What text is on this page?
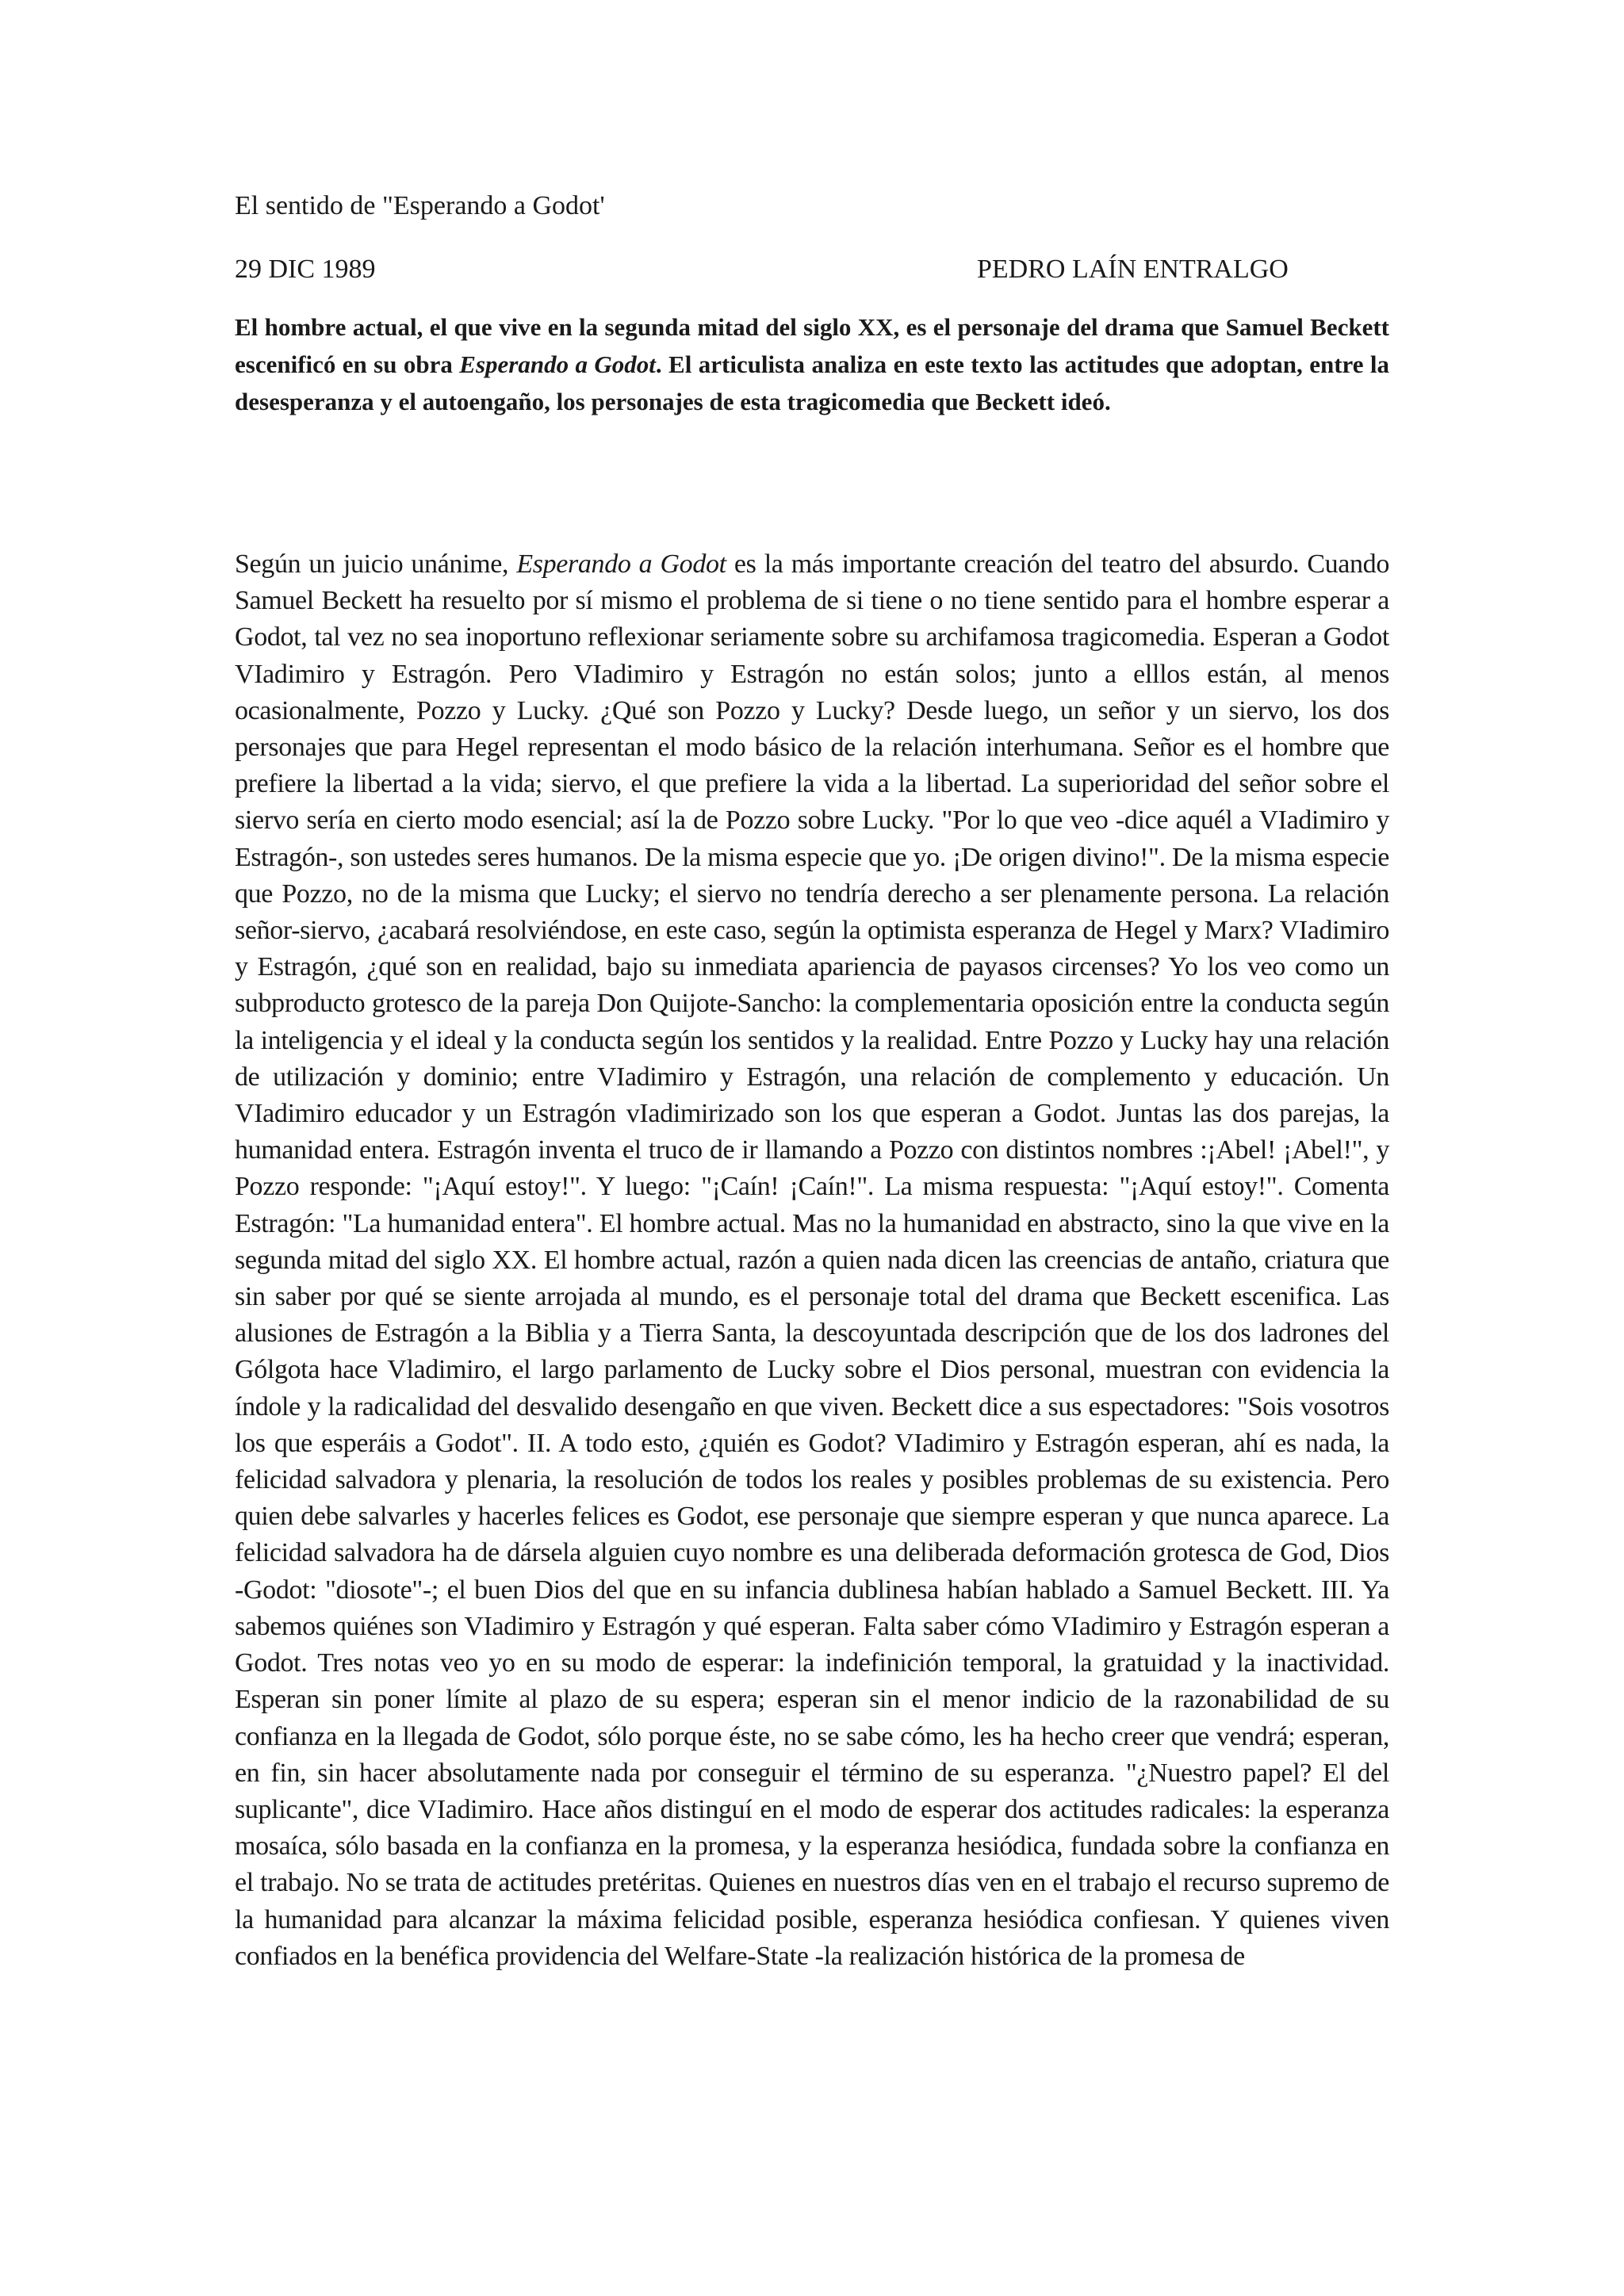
El sentido de "Esperando a Godot'
29 DIC 1989	PEDRO LAÍN ENTRALGO

El hombre actual, el que vive en la segunda mitad del siglo XX, es el personaje del drama que Samuel Beckett escenificó en su obra Esperando a Godot. El articulista analiza en este texto las actitudes que adoptan, entre la desesperanza y el autoengaño, los personajes de esta tragicomedia que Beckett ideó.

Según un juicio unánime, Esperando a Godot es la más importante creación del teatro del absurdo. Cuando Samuel Beckett ha resuelto por sí mismo el problema de si tiene o no tiene sentido para el hombre esperar a Godot, tal vez no sea inoportuno reflexionar seriamente sobre su archifamosa tragicomedia. Esperan a Godot VIadimiro y Estragón. Pero VIadimiro y Estragón no están solos; junto a elllos están, al menos ocasionalmente, Pozzo y Lucky. ¿Qué son Pozzo y Lucky? Desde luego, un señor y un siervo, los dos personajes que para Hegel representan el modo básico de la relación interhumana. Señor es el hombre que prefiere la libertad a la vida; siervo, el que prefiere la vida a la libertad. La superioridad del señor sobre el siervo sería en cierto modo esencial; así la de Pozzo sobre Lucky. "Por lo que veo -dice aquél a VIadimiro y Estragón-, son ustedes seres humanos. De la misma especie que yo. ¡De origen divino!". De la misma especie que Pozzo, no de la misma que Lucky; el siervo no tendría derecho a ser plenamente persona. La relación señor-siervo, ¿acabará resolviéndose, en este caso, según la optimista esperanza de Hegel y Marx? VIadimiro y Estragón, ¿qué son en realidad, bajo su inmediata apariencia de payasos circenses? Yo los veo como un subproducto grotesco de la pareja Don Quijote-Sancho: la complementaria oposición entre la conducta según la inteligencia y el ideal y la conducta según los sentidos y la realidad. Entre Pozzo y Lucky hay una relación de utilización y dominio; entre VIadimiro y Estragón, una relación de complemento y educación. Un VIadimiro educador y un Estragón vIadimirizado son los que esperan a Godot. Juntas las dos parejas, la humanidad entera. Estragón inventa el truco de ir llamando a Pozzo con distintos nombres :¡Abel! ¡Abel!", y Pozzo responde: "¡Aquí estoy!". Y luego: "¡Caín! ¡Caín!". La misma respuesta: "¡Aquí estoy!". Comenta Estragón: "La humanidad entera". El hombre actual. Mas no la humanidad en abstracto, sino la que vive en la segunda mitad del siglo XX. El hombre actual, razón a quien nada dicen las creencias de antaño, criatura que sin saber por qué se siente arrojada al mundo, es el personaje total del drama que Beckett escenifica. Las alusiones de Estragón a la Biblia y a Tierra Santa, la descoyuntada descripción que de los dos ladrones del Gólgota hace Vladimiro, el largo parlamento de Lucky sobre el Dios personal, muestran con evidencia la índole y la radicalidad del desvalido desengaño en que viven. Beckett dice a sus espectadores: "Sois vosotros los que esperáis a Godot". II. A todo esto, ¿quién es Godot? VIadimiro y Estragón esperan, ahí es nada, la felicidad salvadora y plenaria, la resolución de todos los reales y posibles problemas de su existencia. Pero quien debe salvarles y hacerles felices es Godot, ese personaje que siempre esperan y que nunca aparece. La felicidad salvadora ha de dársela alguien cuyo nombre es una deliberada deformación grotesca de God, Dios -Godot: "diosote"-; el buen Dios del que en su infancia dublinesa habían hablado a Samuel Beckett. III. Ya sabemos quiénes son VIadimiro y Estragón y qué esperan. Falta saber cómo VIadimiro y Estragón esperan a Godot. Tres notas veo yo en su modo de esperar: la indefinición temporal, la gratuidad y la inactividad. Esperan sin poner límite al plazo de su espera; esperan sin el menor indicio de la razonabilidad de su confianza en la llegada de Godot, sólo porque éste, no se sabe cómo, les ha hecho creer que vendrá; esperan, en fin, sin hacer absolutamente nada por conseguir el término de su esperanza. "¿Nuestro papel? El del suplicante", dice VIadimiro. Hace años distinguí en el modo de esperar dos actitudes radicales: la esperanza mosaíca, sólo basada en la confianza en la promesa, y la esperanza hesiódica, fundada sobre la confianza en el trabajo. No se trata de actitudes pretéritas. Quienes en nuestros días ven en el trabajo el recurso supremo de la humanidad para alcanzar la máxima felicidad posible, esperanza hesiódica confiesan. Y quienes viven confiados en la benéfica providencia del Welfare-State -la realización histórica de la promesa de
